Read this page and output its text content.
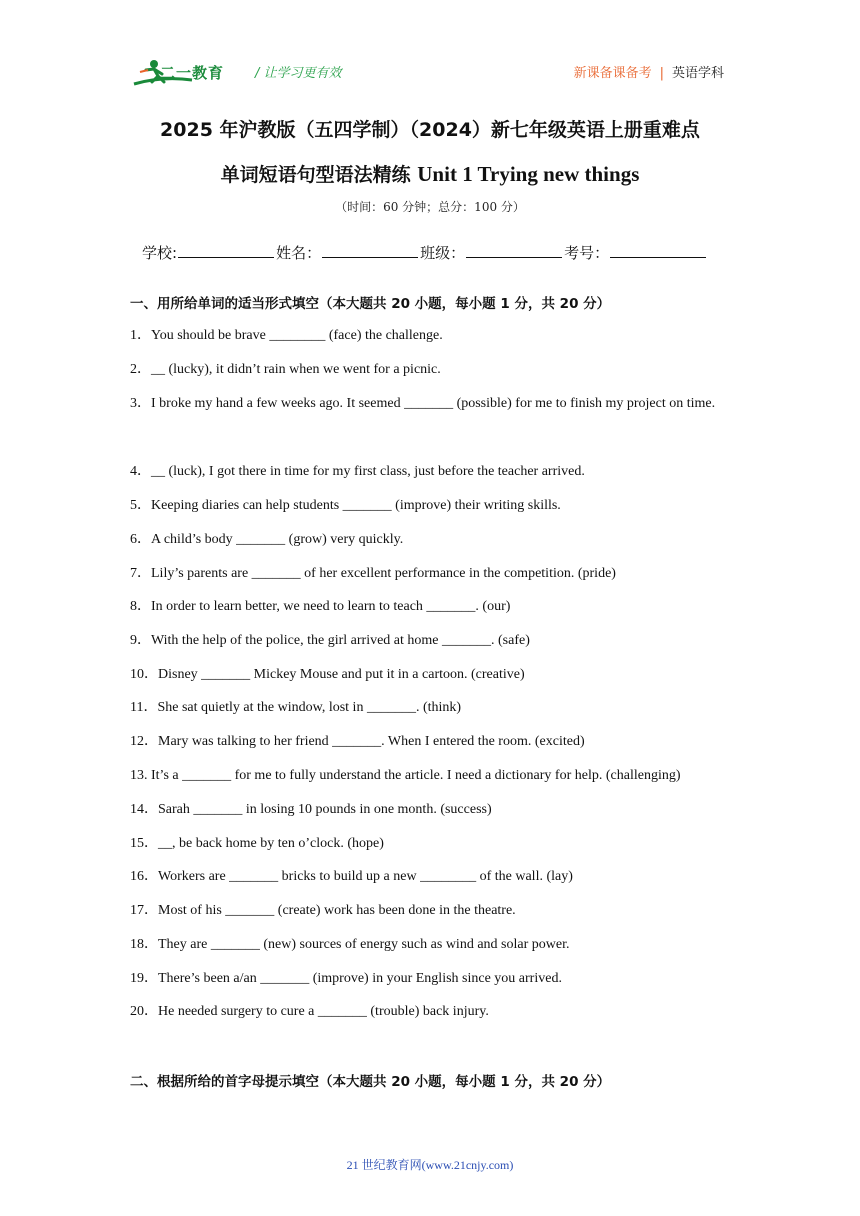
二一教育 / 让学习更有效	新课备课备考 | 英语学科
2025 年沪教版（五四学制）（2024）新七年级英语上册重难点
单词短语句型语法精练 Unit 1 Trying new things
（时间：60 分钟；总分：100 分）
学校:	姓名：	班级：	考号：
一、用所给单词的适当形式填空（本大题共 20 小题，每小题 1 分，共 20 分）
1．You should be brave ________ (face) the challenge.
2．__ (lucky), it didn’t rain when we went for a picnic.
3．I broke my hand a few weeks ago. It seemed _______ (possible) for me to finish my project on time.
4．__ (luck), I got there in time for my first class, just before the teacher arrived.
5．Keeping diaries can help students _______ (improve) their writing skills.
6．A child’s body _______ (grow) very quickly.
7．Lily’s parents are _______ of her excellent performance in the competition. (pride)
8．In order to learn better, we need to learn to teach _______. (our)
9．With the help of the police, the girl arrived at home _______. (safe)
10．Disney _______ Mickey Mouse and put it in a cartoon. (creative)
11．She sat quietly at the window, lost in _______. (think)
12．Mary was talking to her friend _______. When I entered the room. (excited)
13. It’s a _______ for me to fully understand the article. I need a dictionary for help. (challenging)
14．Sarah _______ in losing 10 pounds in one month. (success)
15．__, be back home by ten o’clock. (hope)
16．Workers are _______ bricks to build up a new ________ of the wall. (lay)
17．Most of his _______ (create) work has been done in the theatre.
18．They are _______ (new) sources of energy such as wind and solar power.
19．There’s been a/an _______ (improve) in your English since you arrived.
20．He needed surgery to cure a _______ (trouble) back injury.
二、根据所给的首字母提示填空（本大题共 20 小题，每小题 1 分，共 20 分）
21 世纪教育网(www.21cnjy.com)
